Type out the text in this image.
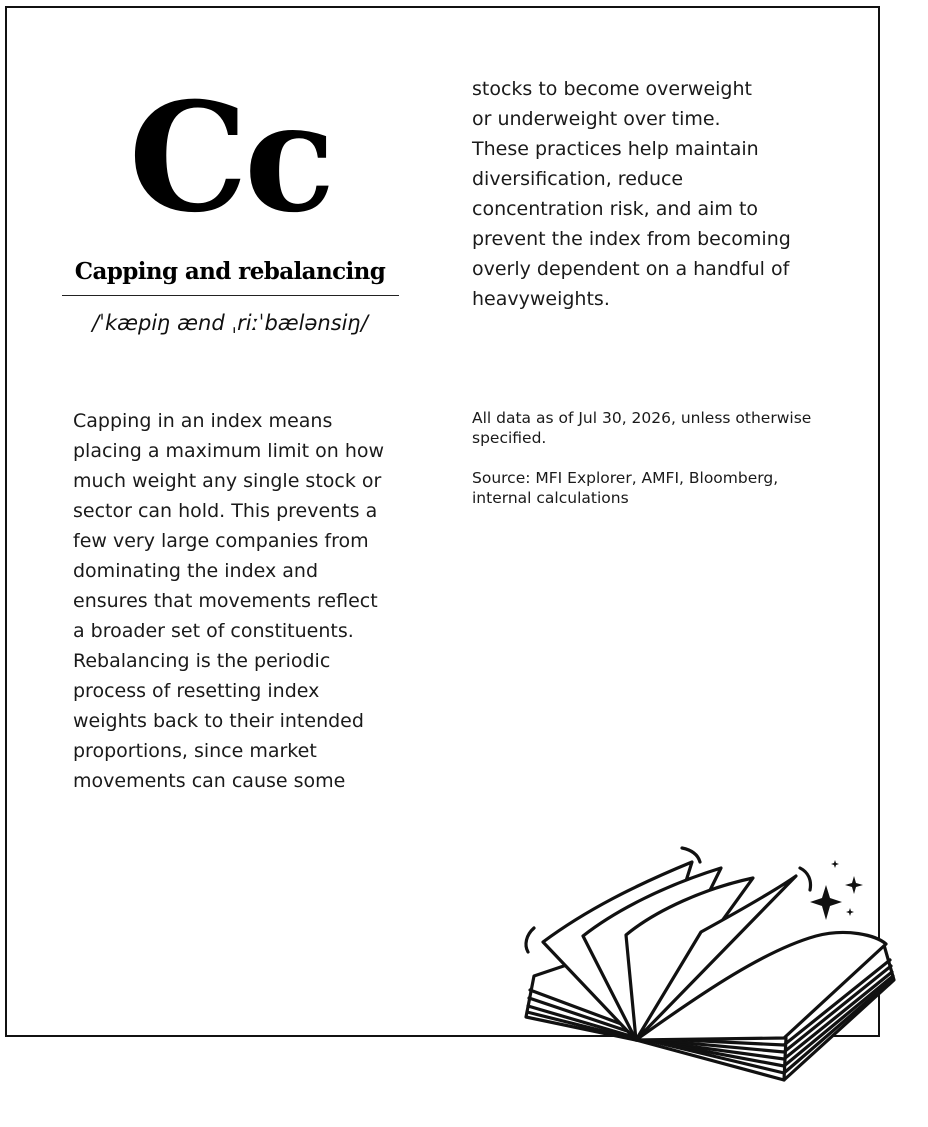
Cc
Capping and rebalancing
/ˈkæpiŋ ænd ˌriːˈbælənsiŋ/
Capping in an index means
placing a maximum limit on how
much weight any single stock or
sector can hold. This prevents a
few very large companies from
dominating the index and
ensures that movements reflect
a broader set of constituents.
Rebalancing is the periodic
process of resetting index
weights back to their intended
proportions, since market
movements can cause some
stocks to become overweight
or underweight over time.
These practices help maintain
diversification, reduce
concentration risk, and aim to
prevent the index from becoming
overly dependent on a handful of
heavyweights.

All data as of Jul 30, 2026, unless otherwise
specified.

Source: MFI Explorer, AMFI, Bloomberg,
internal calculations
